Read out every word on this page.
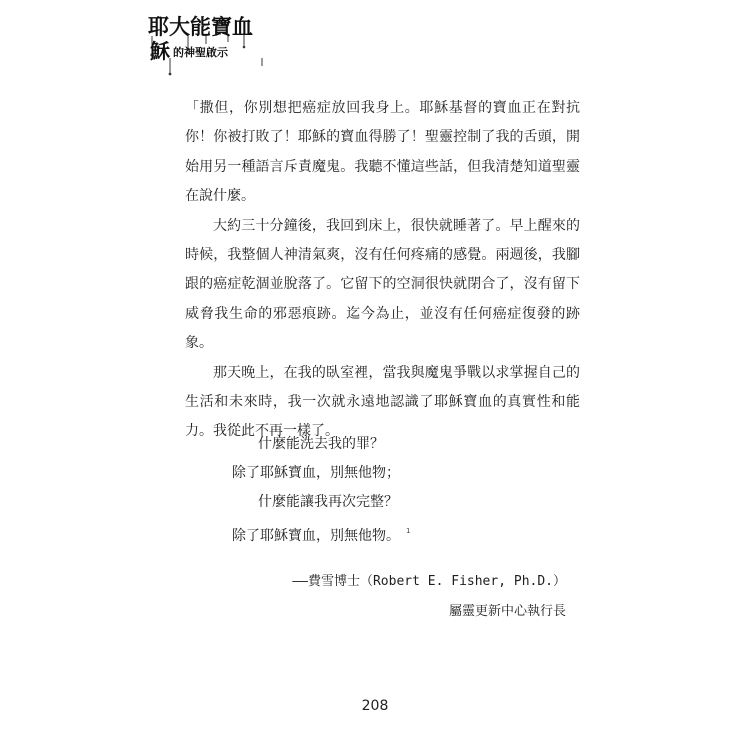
耶大能寶血
穌的神聖啟示

「撒但，你別想把癌症放回我身上。耶穌基督的寶血正在對抗你！你被打敗了！耶穌的寶血得勝了！聖靈控制了我的舌頭，開始用另一種語言斥責魔鬼。我聽不懂這些話，但我清楚知道聖靈在說什麼。

大約三十分鐘後，我回到床上，很快就睡著了。早上醒來的時候，我整個人神清氣爽，沒有任何疼痛的感覺。兩週後，我腳跟的癌症乾涸並脫落了。它留下的空洞很快就閉合了，沒有留下威脅我生命的邪惡痕跡。迄今為止，並沒有任何癌症復發的跡象。

那天晚上，在我的臥室裡，當我與魔鬼爭戰以求掌握自己的生活和未來時，我一次就永遠地認識了耶穌寶血的真實性和能力。我從此不再一樣了。

什麼能洗去我的罪？
除了耶穌寶血，別無他物；
什麼能讓我再次完整？
除了耶穌寶血，別無他物。 $^1$
——費雪博士（Robert E. Fisher, Ph.D.）
屬靈更新中心執行長
208
